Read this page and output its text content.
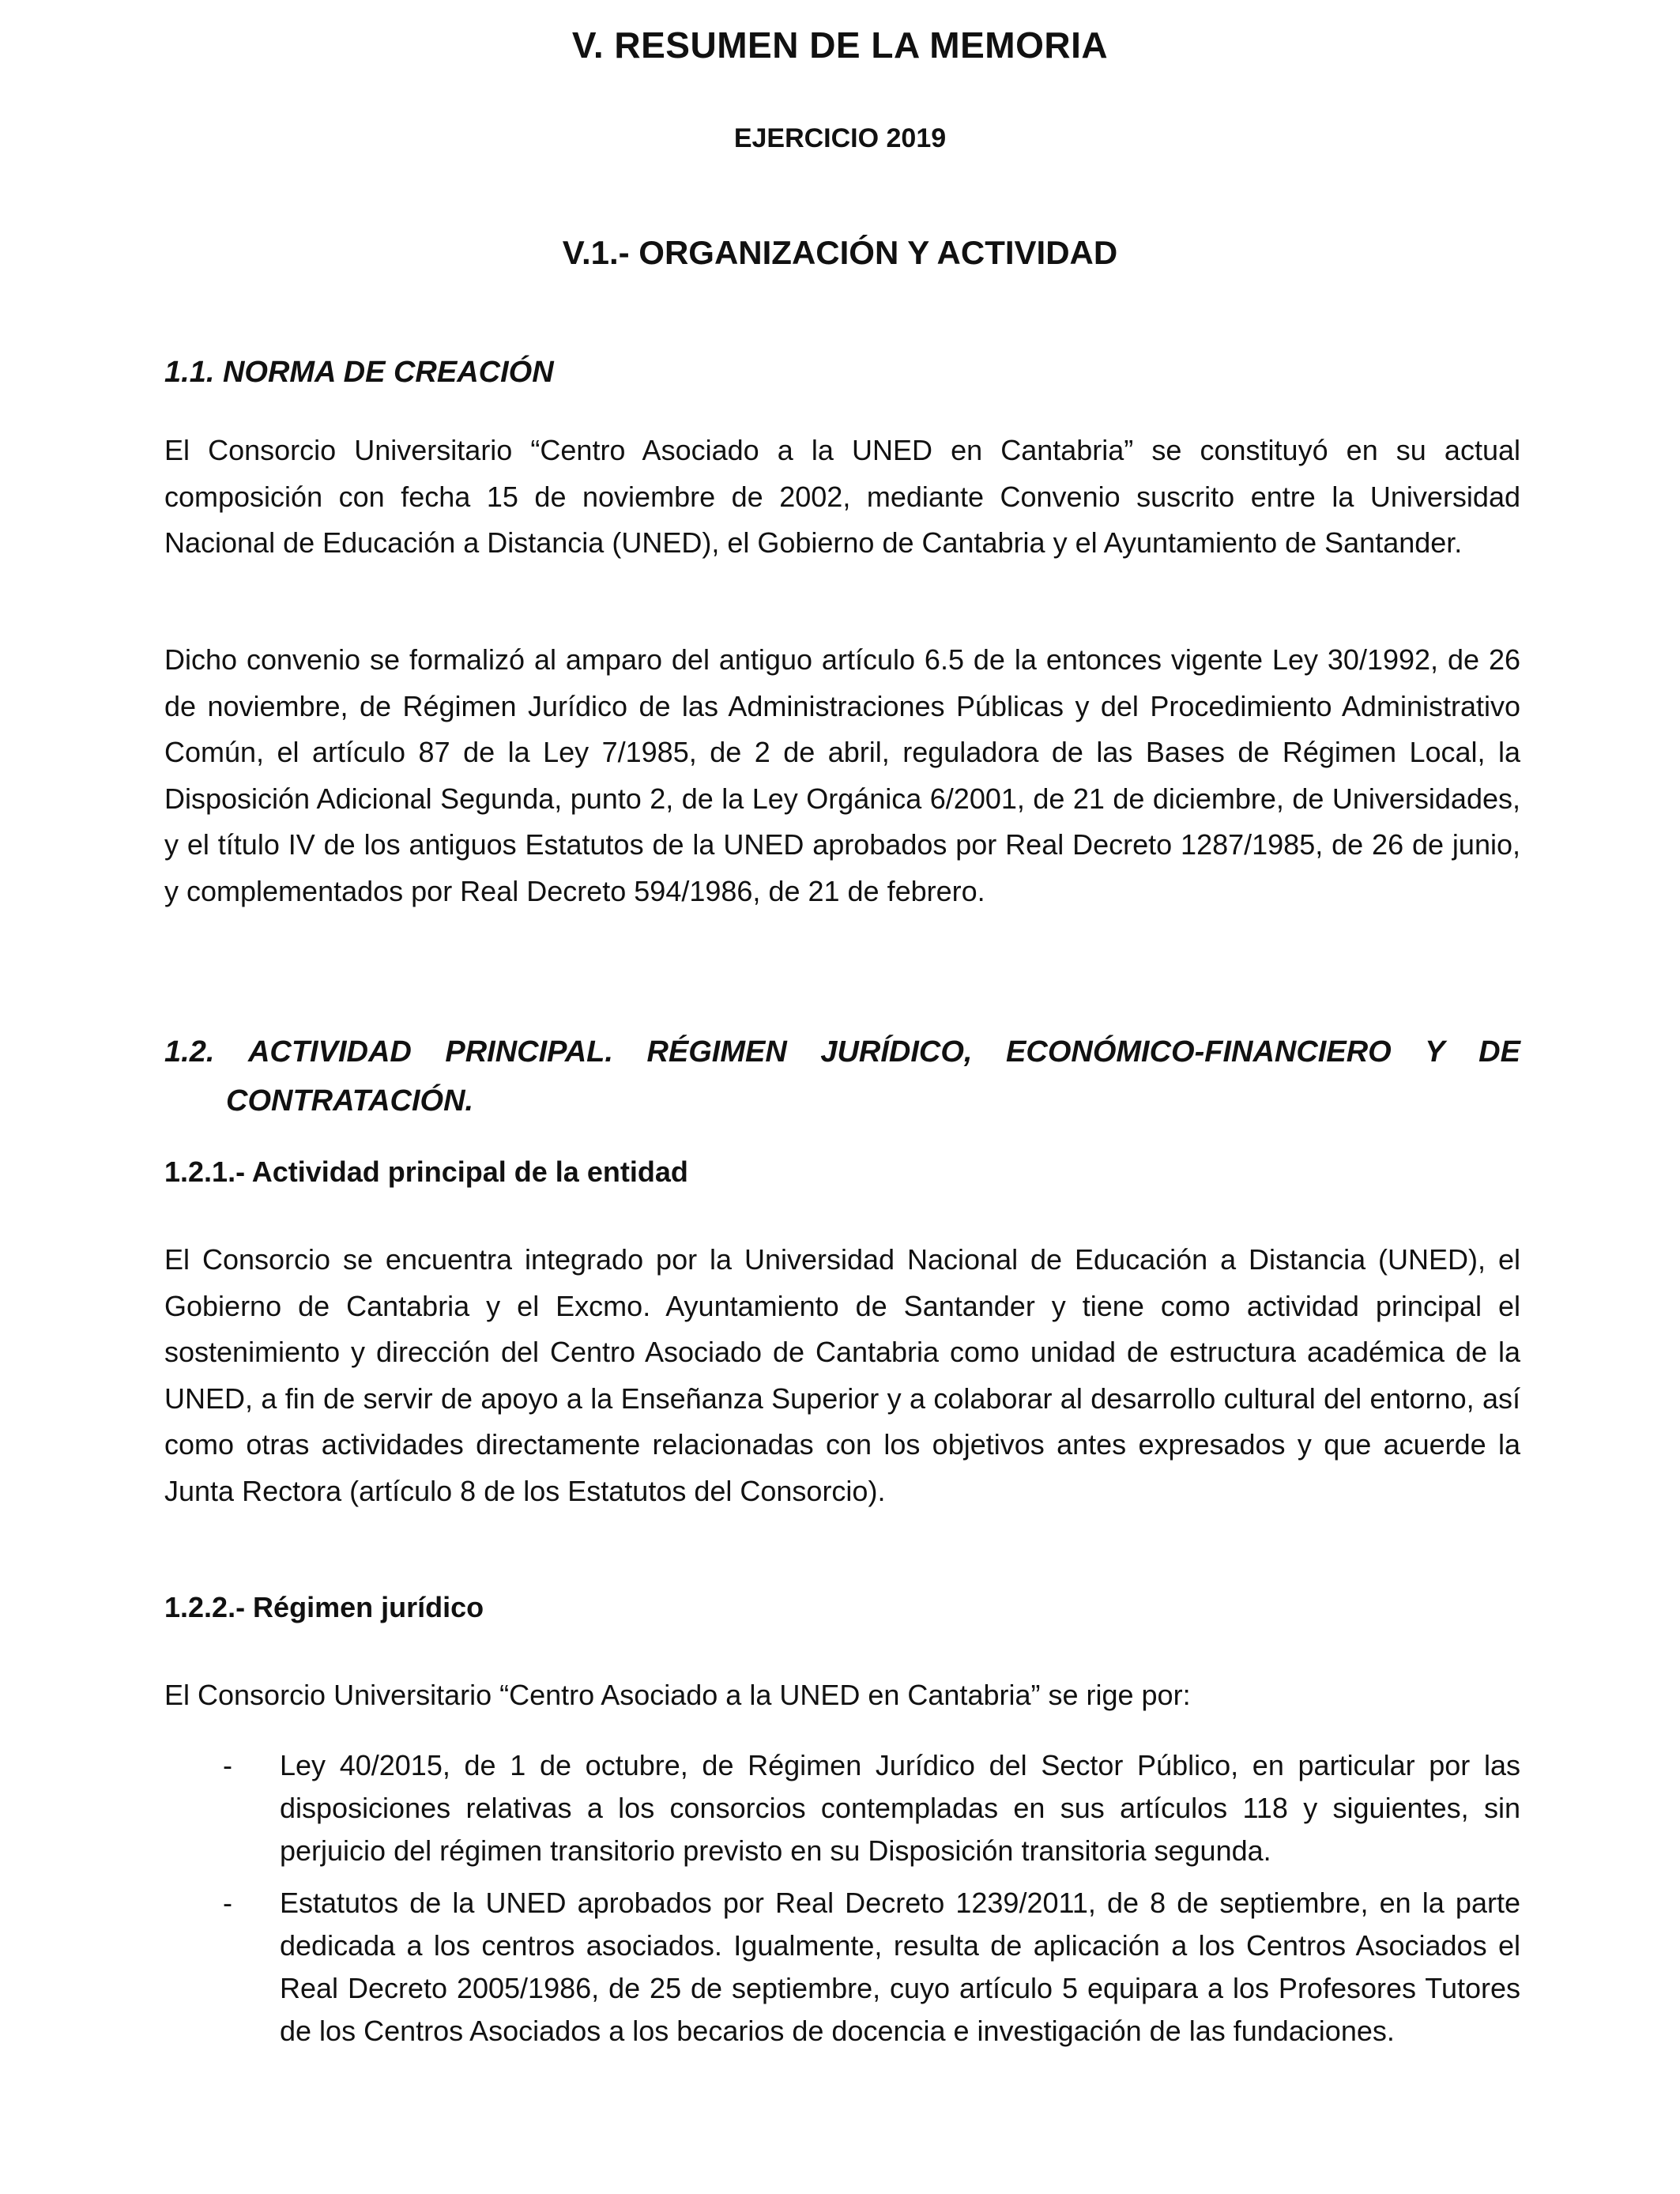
V. RESUMEN DE LA MEMORIA
EJERCICIO 2019
V.1.- ORGANIZACIÓN Y ACTIVIDAD
1.1. NORMA DE CREACIÓN

El Consorcio Universitario “Centro Asociado a la UNED en Cantabria” se constituyó en su actual composición con fecha 15 de noviembre de 2002, mediante Convenio suscrito entre la Universidad Nacional de Educación a Distancia (UNED), el Gobierno de Cantabria y el Ayuntamiento de Santander.

Dicho convenio se formalizó al amparo del antiguo artículo 6.5 de la entonces vigente Ley 30/1992, de 26 de noviembre, de Régimen Jurídico de las Administraciones Públicas y del Procedimiento Administrativo Común, el artículo 87 de la Ley 7/1985, de 2 de abril, reguladora de las Bases de Régimen Local, la Disposición Adicional Segunda, punto 2, de la Ley Orgánica 6/2001, de 21 de diciembre, de Universidades, y el título IV de los antiguos Estatutos de la UNED aprobados por Real Decreto 1287/1985, de 26 de junio, y complementados por Real Decreto 594/1986, de 21 de febrero.

1.2. ACTIVIDAD PRINCIPAL. RÉGIMEN JURÍDICO, ECONÓMICO-FINANCIERO Y DE
CONTRATACIÓN.
1.2.1.- Actividad principal de la entidad

El Consorcio se encuentra integrado por la Universidad Nacional de Educación a Distancia (UNED), el Gobierno de Cantabria y el Excmo. Ayuntamiento de Santander y tiene como actividad principal el sostenimiento y dirección del Centro Asociado de Cantabria como unidad de estructura académica de la UNED, a fin de servir de apoyo a la Enseñanza Superior y a colaborar al desarrollo cultural del entorno, así como otras actividades directamente relacionadas con los objetivos antes expresados y que acuerde la Junta Rectora (artículo 8 de los Estatutos del Consorcio).

1.2.2.- Régimen jurídico

El Consorcio Universitario “Centro Asociado a la UNED en Cantabria” se rige por:

-	Ley 40/2015, de 1 de octubre, de Régimen Jurídico del Sector Público, en particular por las disposiciones relativas a los consorcios contempladas en sus artículos 118 y siguientes, sin perjuicio del régimen transitorio previsto en su Disposición transitoria segunda.
-	Estatutos de la UNED aprobados por Real Decreto 1239/2011, de 8 de septiembre, en la parte dedicada a los centros asociados. Igualmente, resulta de aplicación a los Centros Asociados el Real Decreto 2005/1986, de 25 de septiembre, cuyo artículo 5 equipara a los Profesores Tutores de los Centros Asociados a los becarios de docencia e investigación de las fundaciones.
